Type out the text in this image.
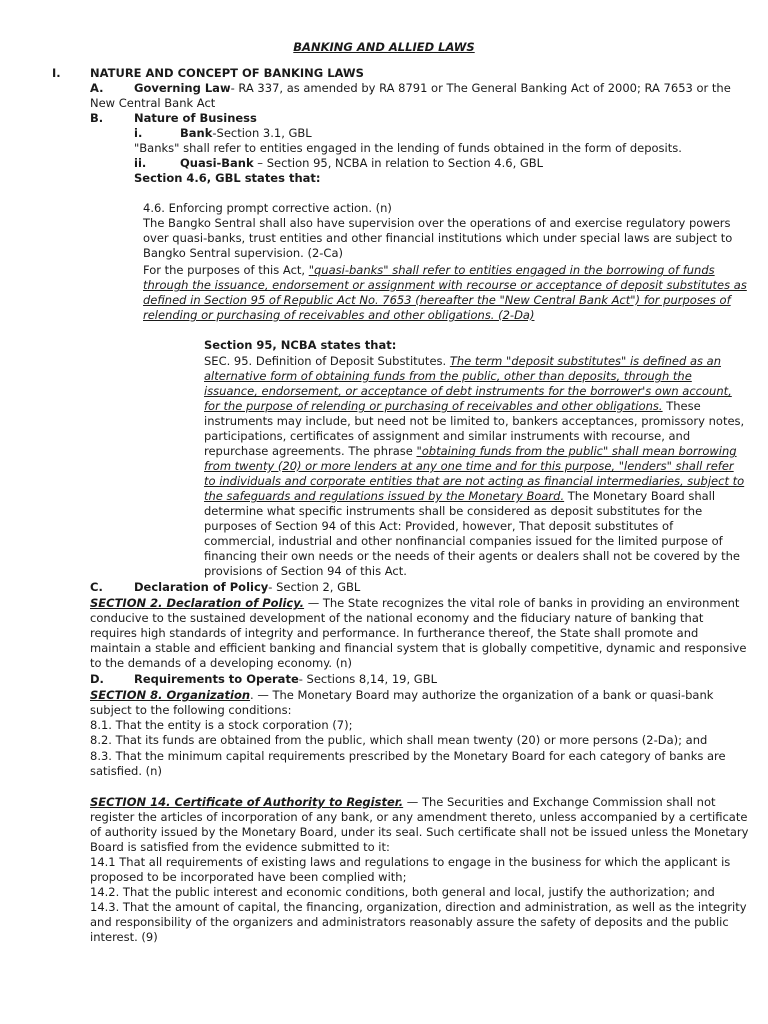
BANKING AND ALLIED LAWS
I.	NATURE AND CONCEPT OF BANKING LAWS
A.	Governing Law- RA 337, as amended by RA 8791 or The General Banking Act of 2000; RA 7653 or the
New Central Bank Act
B.	Nature of Business
i.	Bank-Section 3.1, GBL
"Banks" shall refer to entities engaged in the lending of funds obtained in the form of deposits.
ii.	Quasi-Bank – Section 95, NCBA in relation to Section 4.6, GBL
Section 4.6, GBL states that:
4.6. Enforcing prompt corrective action. (n)
The Bangko Sentral shall also have supervision over the operations of and exercise regulatory powers
over quasi-banks, trust entities and other financial institutions which under special laws are subject to
Bangko Sentral supervision. (2-Ca)
For the purposes of this Act, "quasi-banks" shall refer to entities engaged in the borrowing of funds
through the issuance, endorsement or assignment with recourse or acceptance of deposit substitutes as
defined in Section 95 of Republic Act No. 7653 (hereafter the "New Central Bank Act") for purposes of
relending or purchasing of receivables and other obligations. (2-Da)
Section 95, NCBA states that:
SEC. 95. Definition of Deposit Substitutes. The term "deposit substitutes" is defined as an
alternative form of obtaining funds from the public, other than deposits, through the
issuance, endorsement, or acceptance of debt instruments for the borrower's own account,
for the purpose of relending or purchasing of receivables and other obligations. These
instruments may include, but need not be limited to, bankers acceptances, promissory notes,
participations, certificates of assignment and similar instruments with recourse, and
repurchase agreements. The phrase "obtaining funds from the public" shall mean borrowing
from twenty (20) or more lenders at any one time and for this purpose, "lenders" shall refer
to individuals and corporate entities that are not acting as financial intermediaries, subject to
the safeguards and regulations issued by the Monetary Board. The Monetary Board shall
determine what specific instruments shall be considered as deposit substitutes for the
purposes of Section 94 of this Act: Provided, however, That deposit substitutes of
commercial, industrial and other nonfinancial companies issued for the limited purpose of
financing their own needs or the needs of their agents or dealers shall not be covered by the
provisions of Section 94 of this Act.
C.	Declaration of Policy- Section 2, GBL
SECTION 2. Declaration of Policy. — The State recognizes the vital role of banks in providing an environment
conducive to the sustained development of the national economy and the fiduciary nature of banking that
requires high standards of integrity and performance. In furtherance thereof, the State shall promote and
maintain a stable and efficient banking and financial system that is globally competitive, dynamic and responsive
to the demands of a developing economy. (n)
D.	Requirements to Operate- Sections 8,14, 19, GBL
SECTION 8. Organization. — The Monetary Board may authorize the organization of a bank or quasi-bank
subject to the following conditions:
8.1. That the entity is a stock corporation (7);
8.2. That its funds are obtained from the public, which shall mean twenty (20) or more persons (2-Da); and
8.3. That the minimum capital requirements prescribed by the Monetary Board for each category of banks are
satisfied. (n)
SECTION 14. Certificate of Authority to Register. — The Securities and Exchange Commission shall not
register the articles of incorporation of any bank, or any amendment thereto, unless accompanied by a certificate
of authority issued by the Monetary Board, under its seal. Such certificate shall not be issued unless the Monetary
Board is satisfied from the evidence submitted to it:
14.1 That all requirements of existing laws and regulations to engage in the business for which the applicant is
proposed to be incorporated have been complied with;
14.2. That the public interest and economic conditions, both general and local, justify the authorization; and
14.3. That the amount of capital, the financing, organization, direction and administration, as well as the integrity
and responsibility of the organizers and administrators reasonably assure the safety of deposits and the public
interest. (9)
